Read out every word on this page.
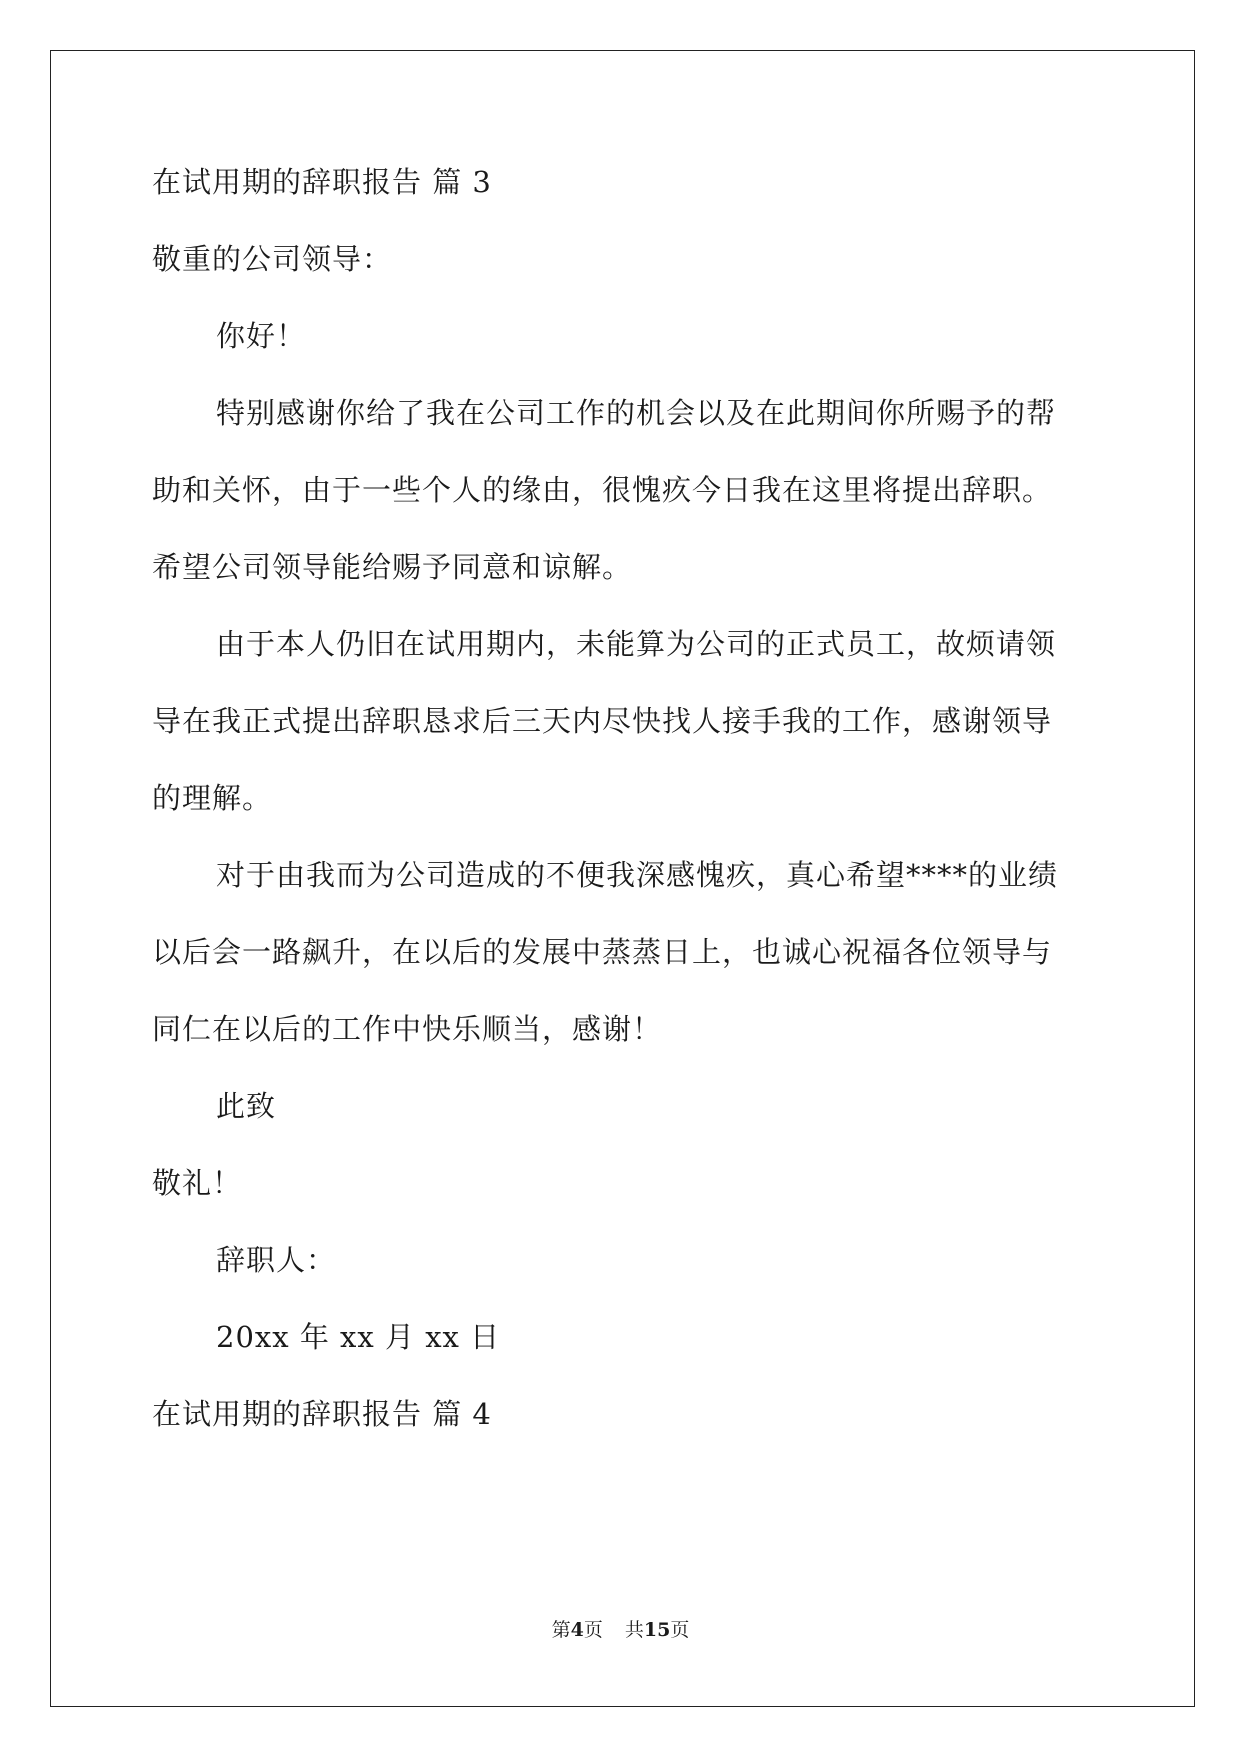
在试用期的辞职报告 篇 3
敬重的公司领导：
你好！
特别感谢你给了我在公司工作的机会以及在此期间你所赐予的帮
助和关怀，由于一些个人的缘由，很愧疚今日我在这里将提出辞职。
希望公司领导能给赐予同意和谅解。
由于本人仍旧在试用期内，未能算为公司的正式员工，故烦请领
导在我正式提出辞职恳求后三天内尽快找人接手我的工作，感谢领导
的理解。
对于由我而为公司造成的不便我深感愧疚，真心希望****的业绩
以后会一路飙升，在以后的发展中蒸蒸日上，也诚心祝福各位领导与
同仁在以后的工作中快乐顺当，感谢！
此致
敬礼！
辞职人：
20xx 年 xx 月 xx 日
在试用期的辞职报告 篇 4
第4页 共15页
